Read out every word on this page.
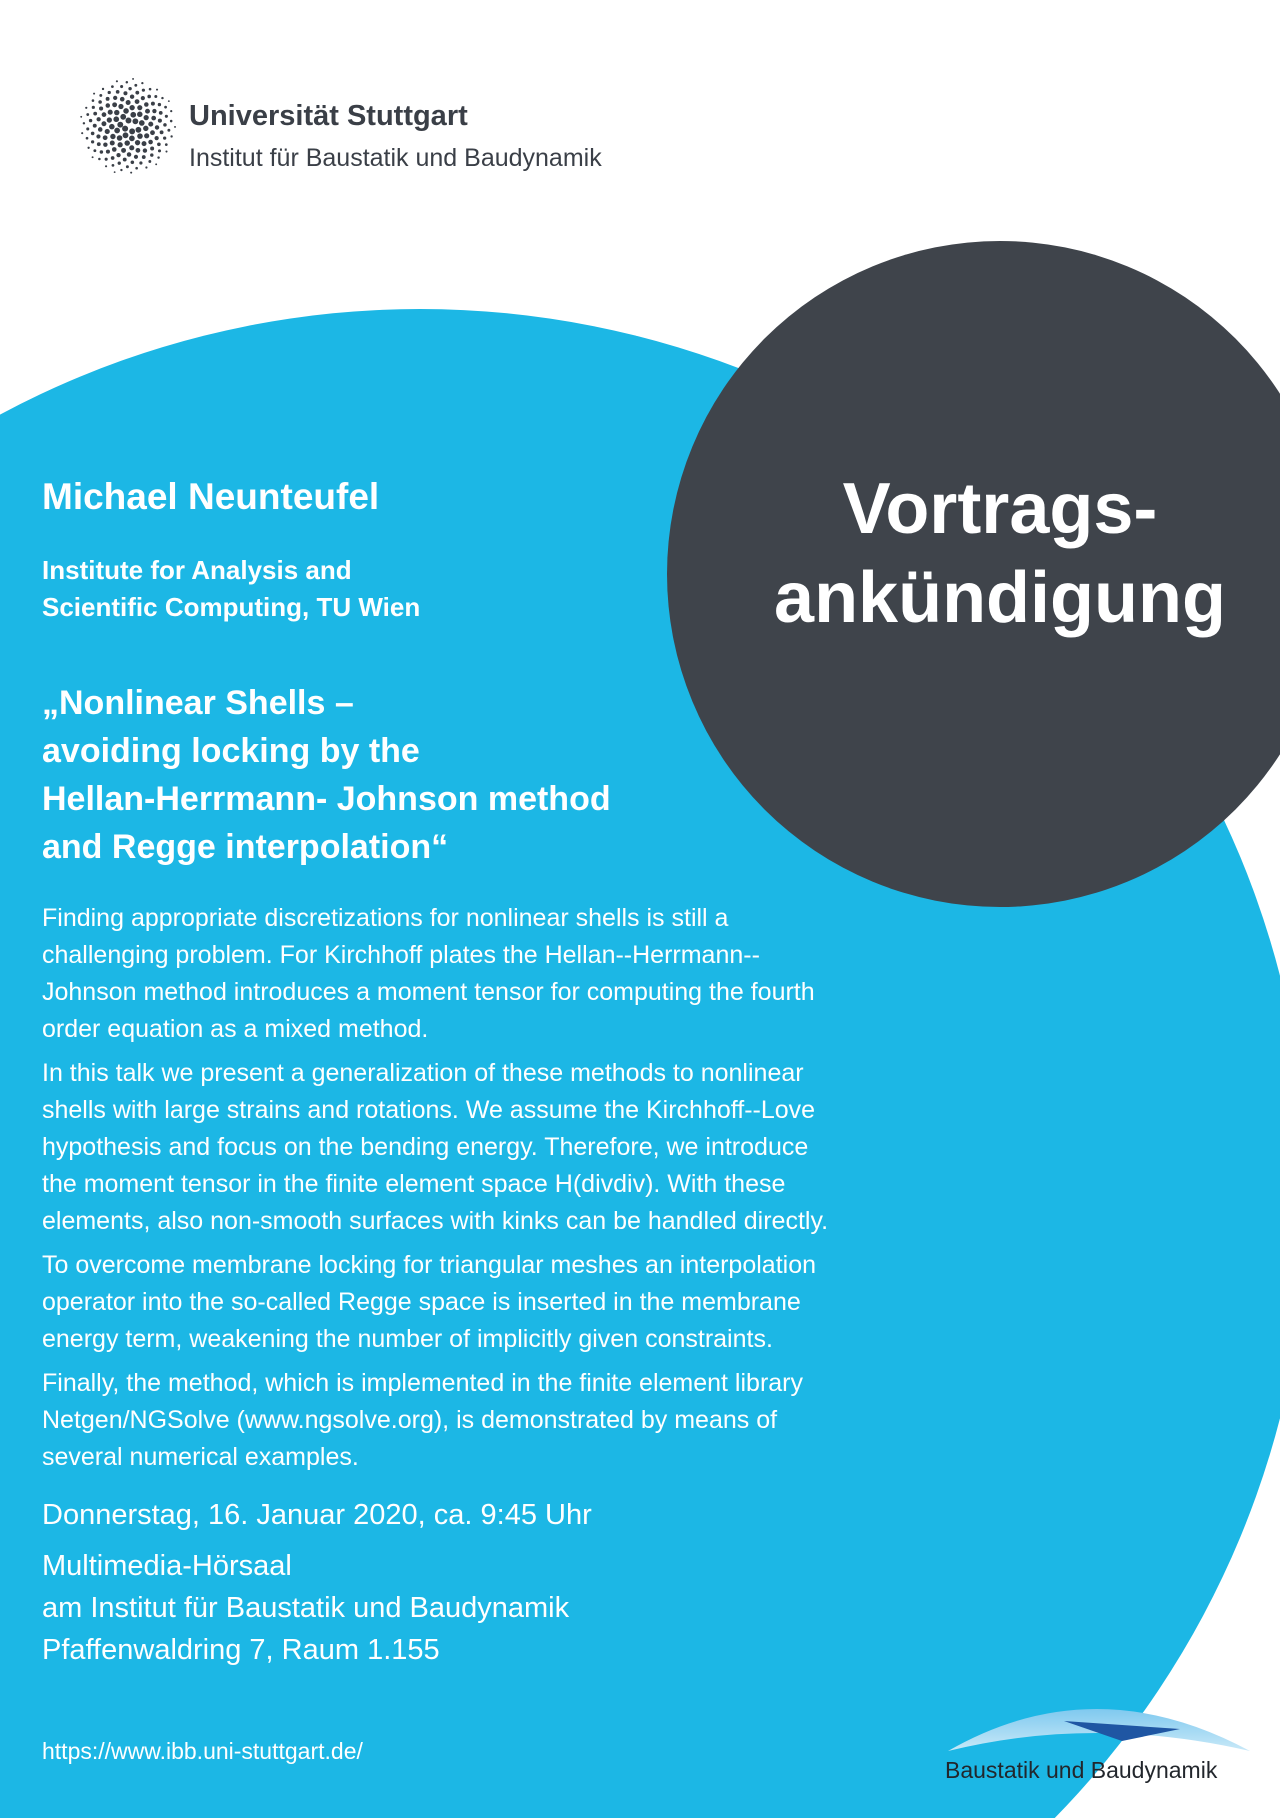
Universität Stuttgart
Institut für Baustatik und Baudynamik
Vortrags-
ankündigung
Michael Neunteufel
Institute for Analysis and
Scientific Computing, TU Wien
„Nonlinear Shells –
avoiding locking by the
Hellan-Herrmann- Johnson method
and Regge interpolation“

Finding appropriate discretizations for nonlinear shells is still a
challenging problem. For Kirchhoff plates the Hellan--Herrmann--
Johnson method introduces a moment tensor for computing the fourth
order equation as a mixed method.

In this talk we present a generalization of these methods to nonlinear
shells with large strains and rotations. We assume the Kirchhoff--Love
hypothesis and focus on the bending energy. Therefore, we introduce
the moment tensor in the finite element space H(divdiv). With these
elements, also non-smooth surfaces with kinks can be handled directly.

To overcome membrane locking for triangular meshes an interpolation
operator into the so-called Regge space is inserted in the membrane
energy term, weakening the number of implicitly given constraints.

Finally, the method, which is implemented in the finite element library
Netgen/NGSolve (www.ngsolve.org), is demonstrated by means of
several numerical examples.

Donnerstag, 16. Januar 2020, ca. 9:45 Uhr
Multimedia-Hörsaal
am Institut für Baustatik und Baudynamik
Pfaffenwaldring 7, Raum 1.155
https://www.ibb.uni-stuttgart.de/
Baustatik und Baudynamik
